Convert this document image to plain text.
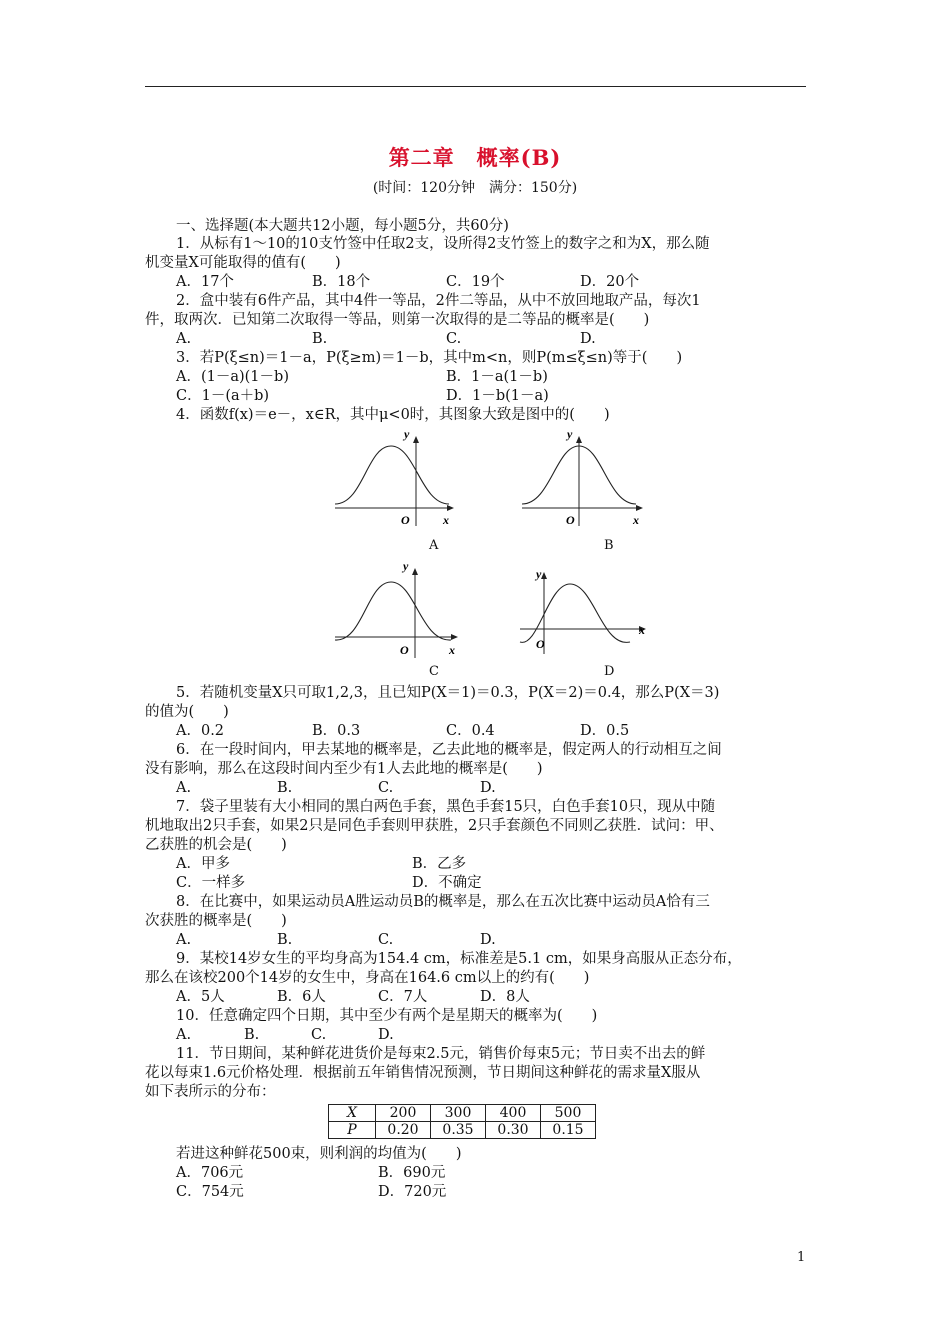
第二章　概率(B)
(时间：120分钟　满分：150分)
一、选择题(本大题共12小题，每小题5分，共60分)
1．从标有1～10的10支竹签中任取2支，设所得2支竹签上的数字之和为X，那么随
机变量X可能取得的值有(　　)
A．17个	B．18个	C．19个	D．20个
2．盒中装有6件产品，其中4件一等品，2件二等品，从中不放回地取产品，每次1
件，取两次．已知第二次取得一等品，则第一次取得的是二等品的概率是(　　)
A.	B.	C.	D.
3．若P(ξ≤n)＝1－a，P(ξ≥m)＝1－b，其中m<n，则P(m≤ξ≤n)等于(　　)
A．(1－a)(1－b)	B．1－a(1－b)
C．1－(a＋b)	D．1－b(1－a)
4．函数f(x)＝e－，x∈R，其中μ<0时，其图象大致是图中的(　　)
y
O	x
A
y
O	x
B
y
O	x
C
y
O
x
D
5．若随机变量X只可取1,2,3，且已知P(X＝1)＝0.3，P(X＝2)＝0.4，那么P(X＝3)
的值为(　　)
A．0.2	B．0.3	C．0.4	D．0.5
6．在一段时间内，甲去某地的概率是，乙去此地的概率是，假定两人的行动相互之间
没有影响，那么在这段时间内至少有1人去此地的概率是(　　)
A.	B.	C.	D.
7．袋子里装有大小相同的黑白两色手套，黑色手套15只，白色手套10只，现从中随
机地取出2只手套，如果2只是同色手套则甲获胜，2只手套颜色不同则乙获胜．试问：甲、
乙获胜的机会是(　　)
A．甲多	B．乙多
C．一样多	D．不确定
8．在比赛中，如果运动员A胜运动员B的概率是，那么在五次比赛中运动员A恰有三
次获胜的概率是(　　)
A.	B.	C.	D.
9．某校14岁女生的平均身高为154.4 cm，标准差是5.1 cm，如果身高服从正态分布，
那么在该校200个14岁的女生中，身高在164.6 cm以上的约有(　　)
A．5人	B．6人	C．7人	D．8人
10．任意确定四个日期，其中至少有两个是星期天的概率为(　　)
A.	B.	C.	D.
11．节日期间，某种鲜花进货价是每束2.5元，销售价每束5元；节日卖不出去的鲜
花以每束1.6元价格处理．根据前五年销售情况预测，节日期间这种鲜花的需求量X服从
如下表所示的分布：
X	200	300	400	500
P	0.20	0.35	0.30	0.15
若进这种鲜花500束，则利润的均值为(　　)
A．706元	B．690元
C．754元	D．720元
1
